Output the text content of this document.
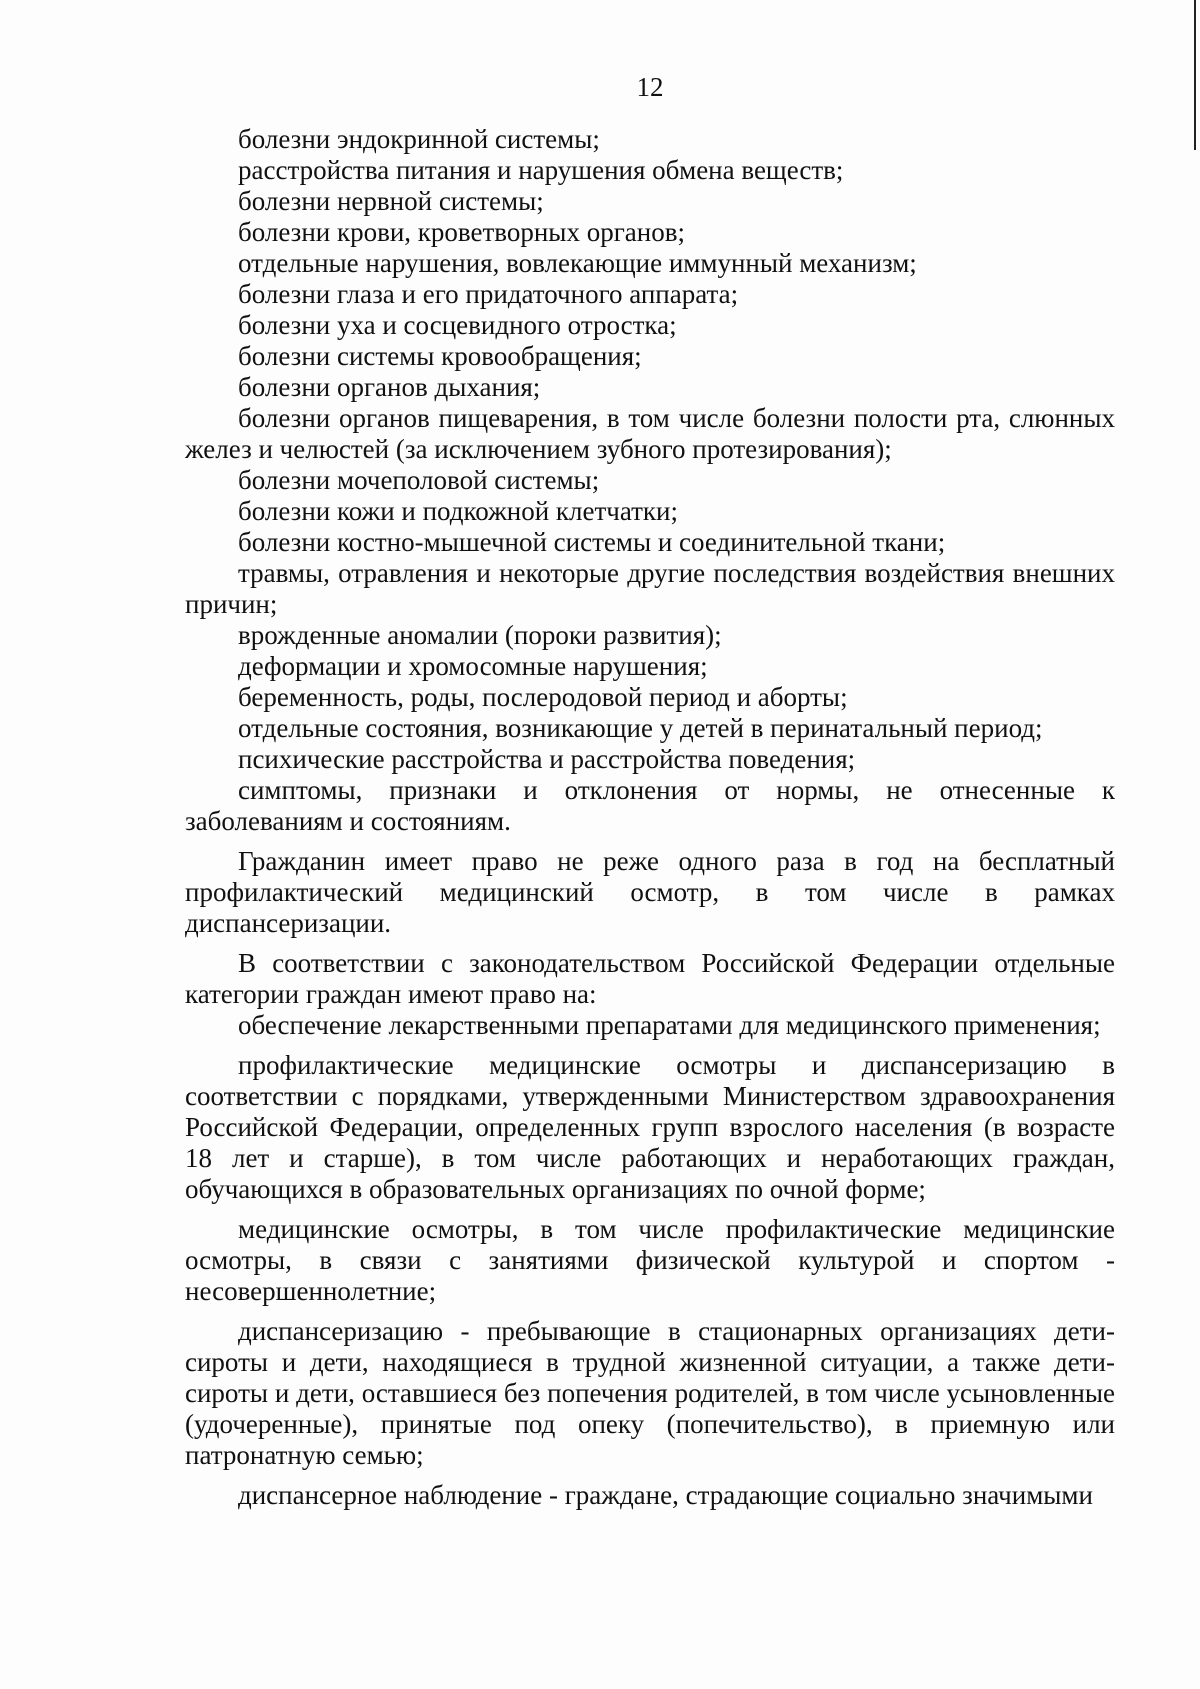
12

болезни эндокринной системы;

расстройства питания и нарушения обмена веществ;

болезни нервной системы;

болезни крови, кроветворных органов;

отдельные нарушения, вовлекающие иммунный механизм;

болезни глаза и его придаточного аппарата;

болезни уха и сосцевидного отростка;

болезни системы кровообращения;

болезни органов дыхания;

болезни органов пищеварения, в том числе болезни полости рта, слюнных желез и челюстей (за исключением зубного протезирования);

болезни мочеполовой системы;

болезни кожи и подкожной клетчатки;

болезни костно-мышечной системы и соединительной ткани;

травмы, отравления и некоторые другие последствия воздействия внешних причин;

врожденные аномалии (пороки развития);

деформации и хромосомные нарушения;

беременность, роды, послеродовой период и аборты;

отдельные состояния, возникающие у детей в перинатальный период;

психические расстройства и расстройства поведения;

симптомы, признаки и отклонения от нормы, не отнесенные к заболеваниям и состояниям.

Гражданин имеет право не реже одного раза в год на бесплатный профилактический медицинский осмотр, в том числе в рамках диспансеризации.

В соответствии с законодательством Российской Федерации отдельные категории граждан имеют право на:

обеспечение лекарственными препаратами для медицинского применения;

профилактические медицинские осмотры и диспансеризацию в соответствии с порядками, утвержденными Министерством здравоохранения Российской Федерации, определенных групп взрослого населения (в возрасте 18 лет и старше), в том числе работающих и неработающих граждан, обучающихся в образовательных организациях по очной форме;

медицинские осмотры, в том числе профилактические медицинские осмотры, в связи с занятиями физической культурой и спортом - несовершеннолетние;

диспансеризацию - пребывающие в стационарных организациях дети-сироты и дети, находящиеся в трудной жизненной ситуации, а также дети-сироты и дети, оставшиеся без попечения родителей, в том числе усыновленные (удочеренные), принятые под опеку (попечительство), в приемную или патронатную семью;

диспансерное наблюдение - граждане, страдающие социально значимыми
